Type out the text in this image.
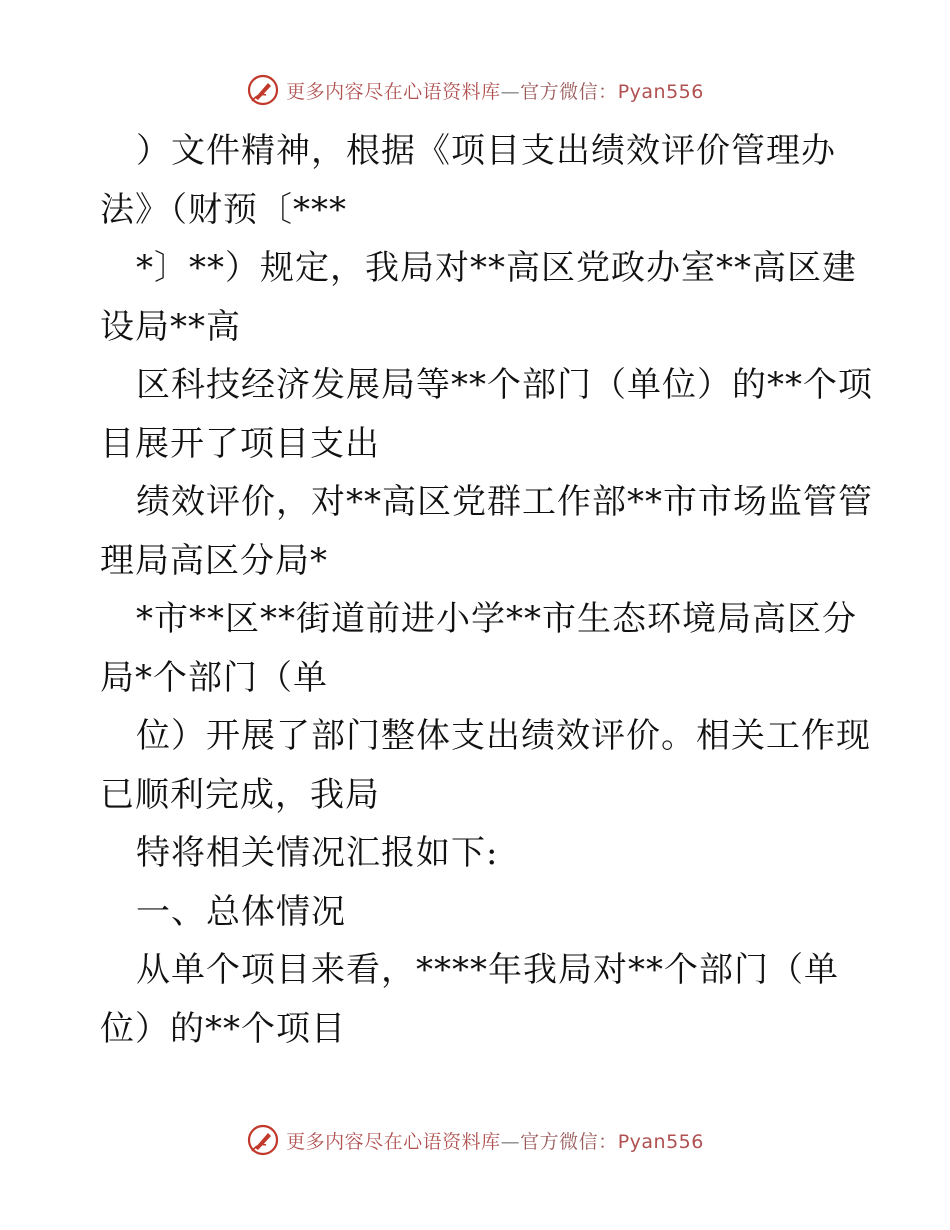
更多内容尽在心语资料库—官方微信：Pyan556
）文件精神，根据《项目支出绩效评价管理办
法》（财预〔***
*〕**）规定，我局对**高区党政办室**高区建
设局**高
区科技经济发展局等**个部门（单位）的**个项
目展开了项目支出
绩效评价，对**高区党群工作部**市市场监管管
理局高区分局*
*市**区**街道前进小学**市生态环境局高区分
局*个部门（单
位）开展了部门整体支出绩效评价。相关工作现
已顺利完成，我局
特将相关情况汇报如下:
一、总体情况
从单个项目来看，****年我局对**个部门（单
位）的**个项目
更多内容尽在心语资料库—官方微信：Pyan556
